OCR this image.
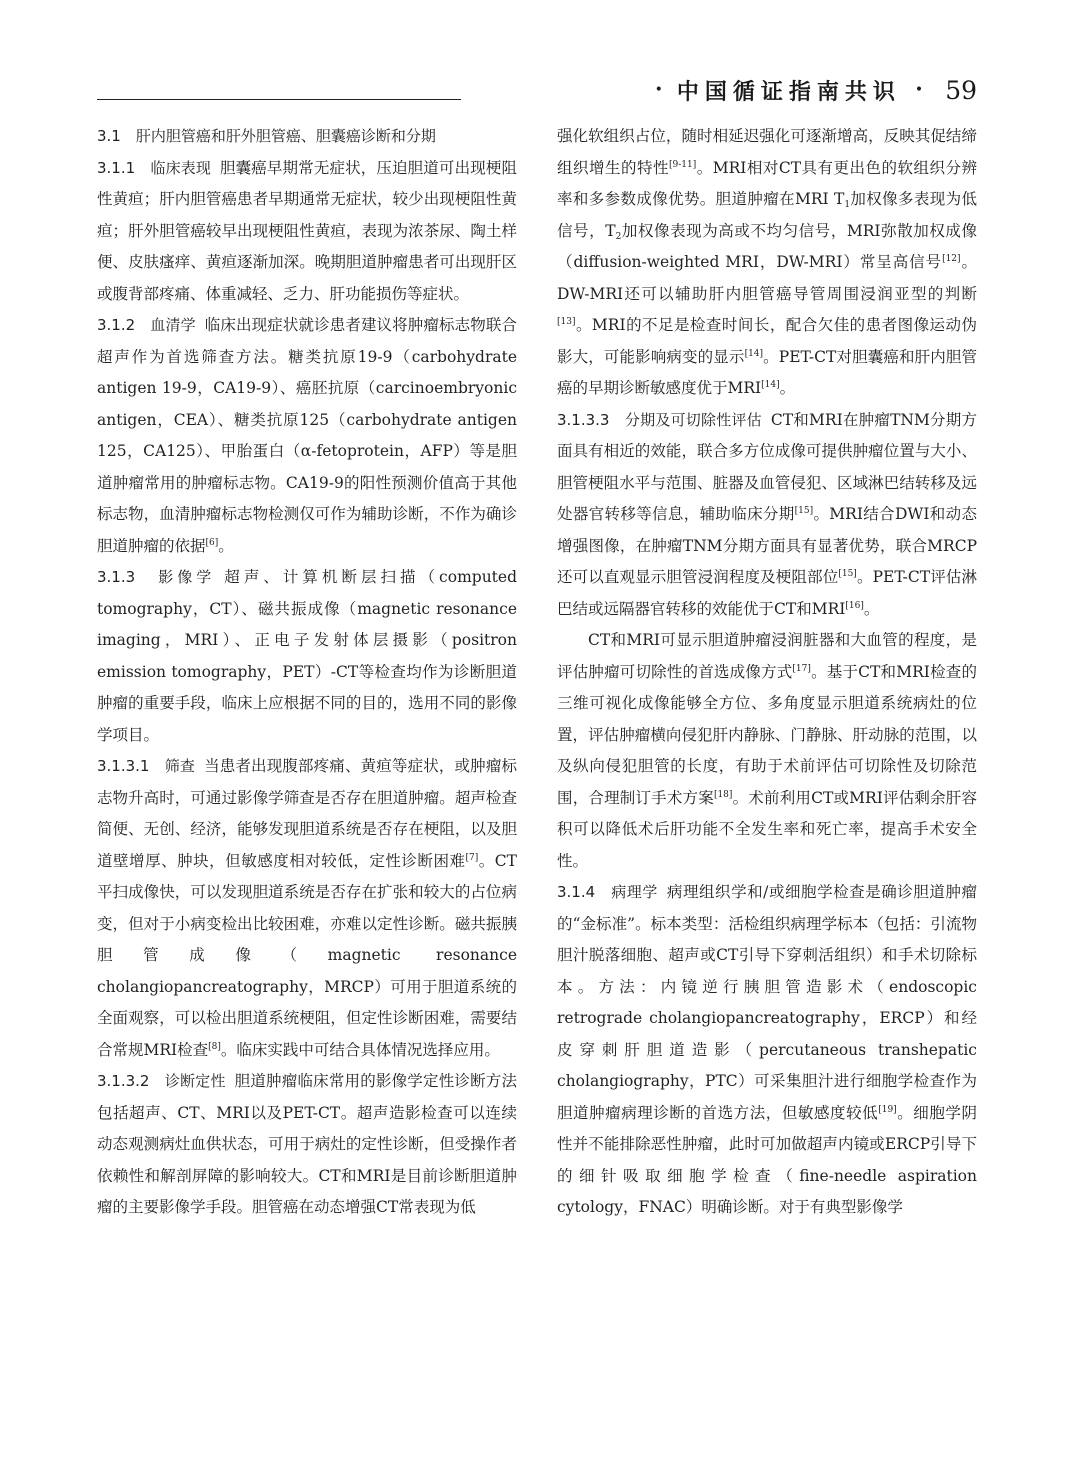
• 中国循证指南共识 • 59

3.1　肝内胆管癌和肝外胆管癌、胆囊癌诊断和分期

3.1.1　临床表现 胆囊癌早期常无症状，压迫胆道可出现梗阻性黄疸；肝内胆管癌患者早期通常无症状，较少出现梗阻性黄疸；肝外胆管癌较早出现梗阻性黄疸，表现为浓茶尿、陶土样便、皮肤瘙痒、黄疸逐渐加深。晚期胆道肿瘤患者可出现肝区或腹背部疼痛、体重减轻、乏力、肝功能损伤等症状。

3.1.2　血清学 临床出现症状就诊患者建议将肿瘤标志物联合超声作为首选筛查方法。糖类抗原19-9（carbohydrate antigen 19-9，CA19-9）、癌胚抗原（carcinoembryonic antigen，CEA）、糖类抗原125（carbohydrate antigen 125，CA125）、甲胎蛋白（α-fetoprotein，AFP）等是胆道肿瘤常用的肿瘤标志物。CA19-9的阳性预测价值高于其他标志物，血清肿瘤标志物检测仅可作为辅助诊断，不作为确诊胆道肿瘤的依据[6]。

3.1.3　影像学 超声、计算机断层扫描（computed tomography，CT）、磁共振成像（magnetic resonance imaging，MRI）、正电子发射体层摄影（positron emission tomography，PET）-CT等检查均作为诊断胆道肿瘤的重要手段，临床上应根据不同的目的，选用不同的影像学项目。

3.1.3.1　筛查 当患者出现腹部疼痛、黄疸等症状，或肿瘤标志物升高时，可通过影像学筛查是否存在胆道肿瘤。超声检查简便、无创、经济，能够发现胆道系统是否存在梗阻，以及胆道壁增厚、肿块，但敏感度相对较低，定性诊断困难[7]。CT平扫成像快，可以发现胆道系统是否存在扩张和较大的占位病变，但对于小病变检出比较困难，亦难以定性诊断。磁共振胰胆管成像（magnetic resonance cholangiopancreatography，MRCP）可用于胆道系统的全面观察，可以检出胆道系统梗阻，但定性诊断困难，需要结合常规MRI检查[8]。临床实践中可结合具体情况选择应用。

3.1.3.2　诊断定性 胆道肿瘤临床常用的影像学定性诊断方法包括超声、CT、MRI以及PET-CT。超声造影检查可以连续动态观测病灶血供状态，可用于病灶的定性诊断，但受操作者依赖性和解剖屏障的影响较大。CT和MRI是目前诊断胆道肿瘤的主要影像学手段。胆管癌在动态增强CT常表现为低

强化软组织占位，随时相延迟强化可逐渐增高，反映其促结缔组织增生的特性[9-11]。MRI相对CT具有更出色的软组织分辨率和多参数成像优势。胆道肿瘤在MRI $T_1$加权像多表现为低信号，$T_2$加权像表现为高或不均匀信号，MRI弥散加权成像（diffusion-weighted MRI，DW-MRI）常呈高信号[12]。DW-MRI还可以辅助肝内胆管癌导管周围浸润亚型的判断[13]。MRI的不足是检查时间长，配合欠佳的患者图像运动伪影大，可能影响病变的显示[14]。PET-CT对胆囊癌和肝内胆管癌的早期诊断敏感度优于MRI[14]。

3.1.3.3　分期及可切除性评估 CT和MRI在肿瘤TNM分期方面具有相近的效能，联合多方位成像可提供肿瘤位置与大小、胆管梗阻水平与范围、脏器及血管侵犯、区域淋巴结转移及远处器官转移等信息，辅助临床分期[15]。MRI结合DWI和动态增强图像，在肿瘤TNM分期方面具有显著优势，联合MRCP还可以直观显示胆管浸润程度及梗阻部位[15]。PET-CT评估淋巴结或远隔器官转移的效能优于CT和MRI[16]。

CT和MRI可显示胆道肿瘤浸润脏器和大血管的程度，是评估肿瘤可切除性的首选成像方式[17]。基于CT和MRI检查的三维可视化成像能够全方位、多角度显示胆道系统病灶的位置，评估肿瘤横向侵犯肝内静脉、门静脉、肝动脉的范围，以及纵向侵犯胆管的长度，有助于术前评估可切除性及切除范围，合理制订手术方案[18]。术前利用CT或MRI评估剩余肝容积可以降低术后肝功能不全发生率和死亡率，提高手术安全性。

3.1.4　病理学 病理组织学和/或细胞学检查是确诊胆道肿瘤的“金标准”。标本类型：活检组织病理学标本（包括：引流物胆汁脱落细胞、超声或CT引导下穿刺活组织）和手术切除标本。方法：内镜逆行胰胆管造影术（endoscopic retrograde cholangiopancreatography，ERCP）和经皮穿刺肝胆道造影（percutaneous transhepatic cholangiography，PTC）可采集胆汁进行细胞学检查作为胆道肿瘤病理诊断的首选方法，但敏感度较低[19]。细胞学阴性并不能排除恶性肿瘤，此时可加做超声内镜或ERCP引导下的细针吸取细胞学检查（fine-needle aspiration cytology，FNAC）明确诊断。对于有典型影像学
